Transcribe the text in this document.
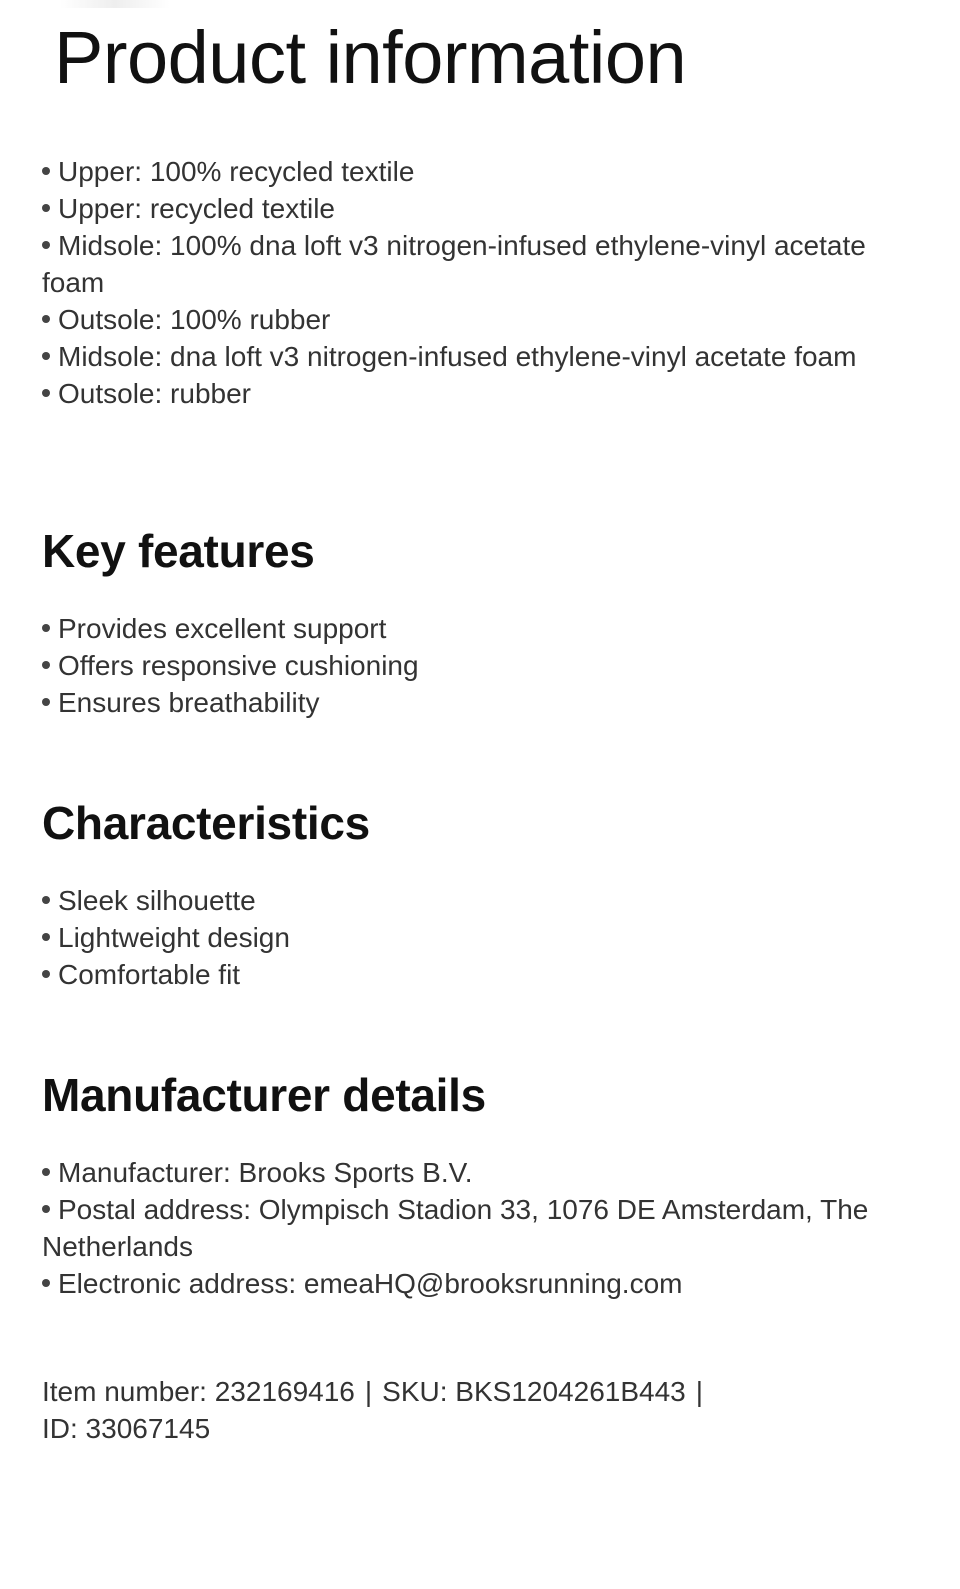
Product information
Upper: 100% recycled textile
Upper: recycled textile
Midsole: 100% dna loft v3 nitrogen-infused ethylene-vinyl acetate foam
Outsole: 100% rubber
Midsole: dna loft v3 nitrogen-infused ethylene-vinyl acetate foam
Outsole: rubber
Key features
Provides excellent support
Offers responsive cushioning
Ensures breathability
Characteristics
Sleek silhouette
Lightweight design
Comfortable fit
Manufacturer details
Manufacturer: Brooks Sports B.V.
Postal address: Olympisch Stadion 33, 1076 DE Amsterdam, The Netherlands
Electronic address: emeaHQ@brooksrunning.com

Item number: 232169416 | SKU: BKS1204261B443 |
ID: 33067145
